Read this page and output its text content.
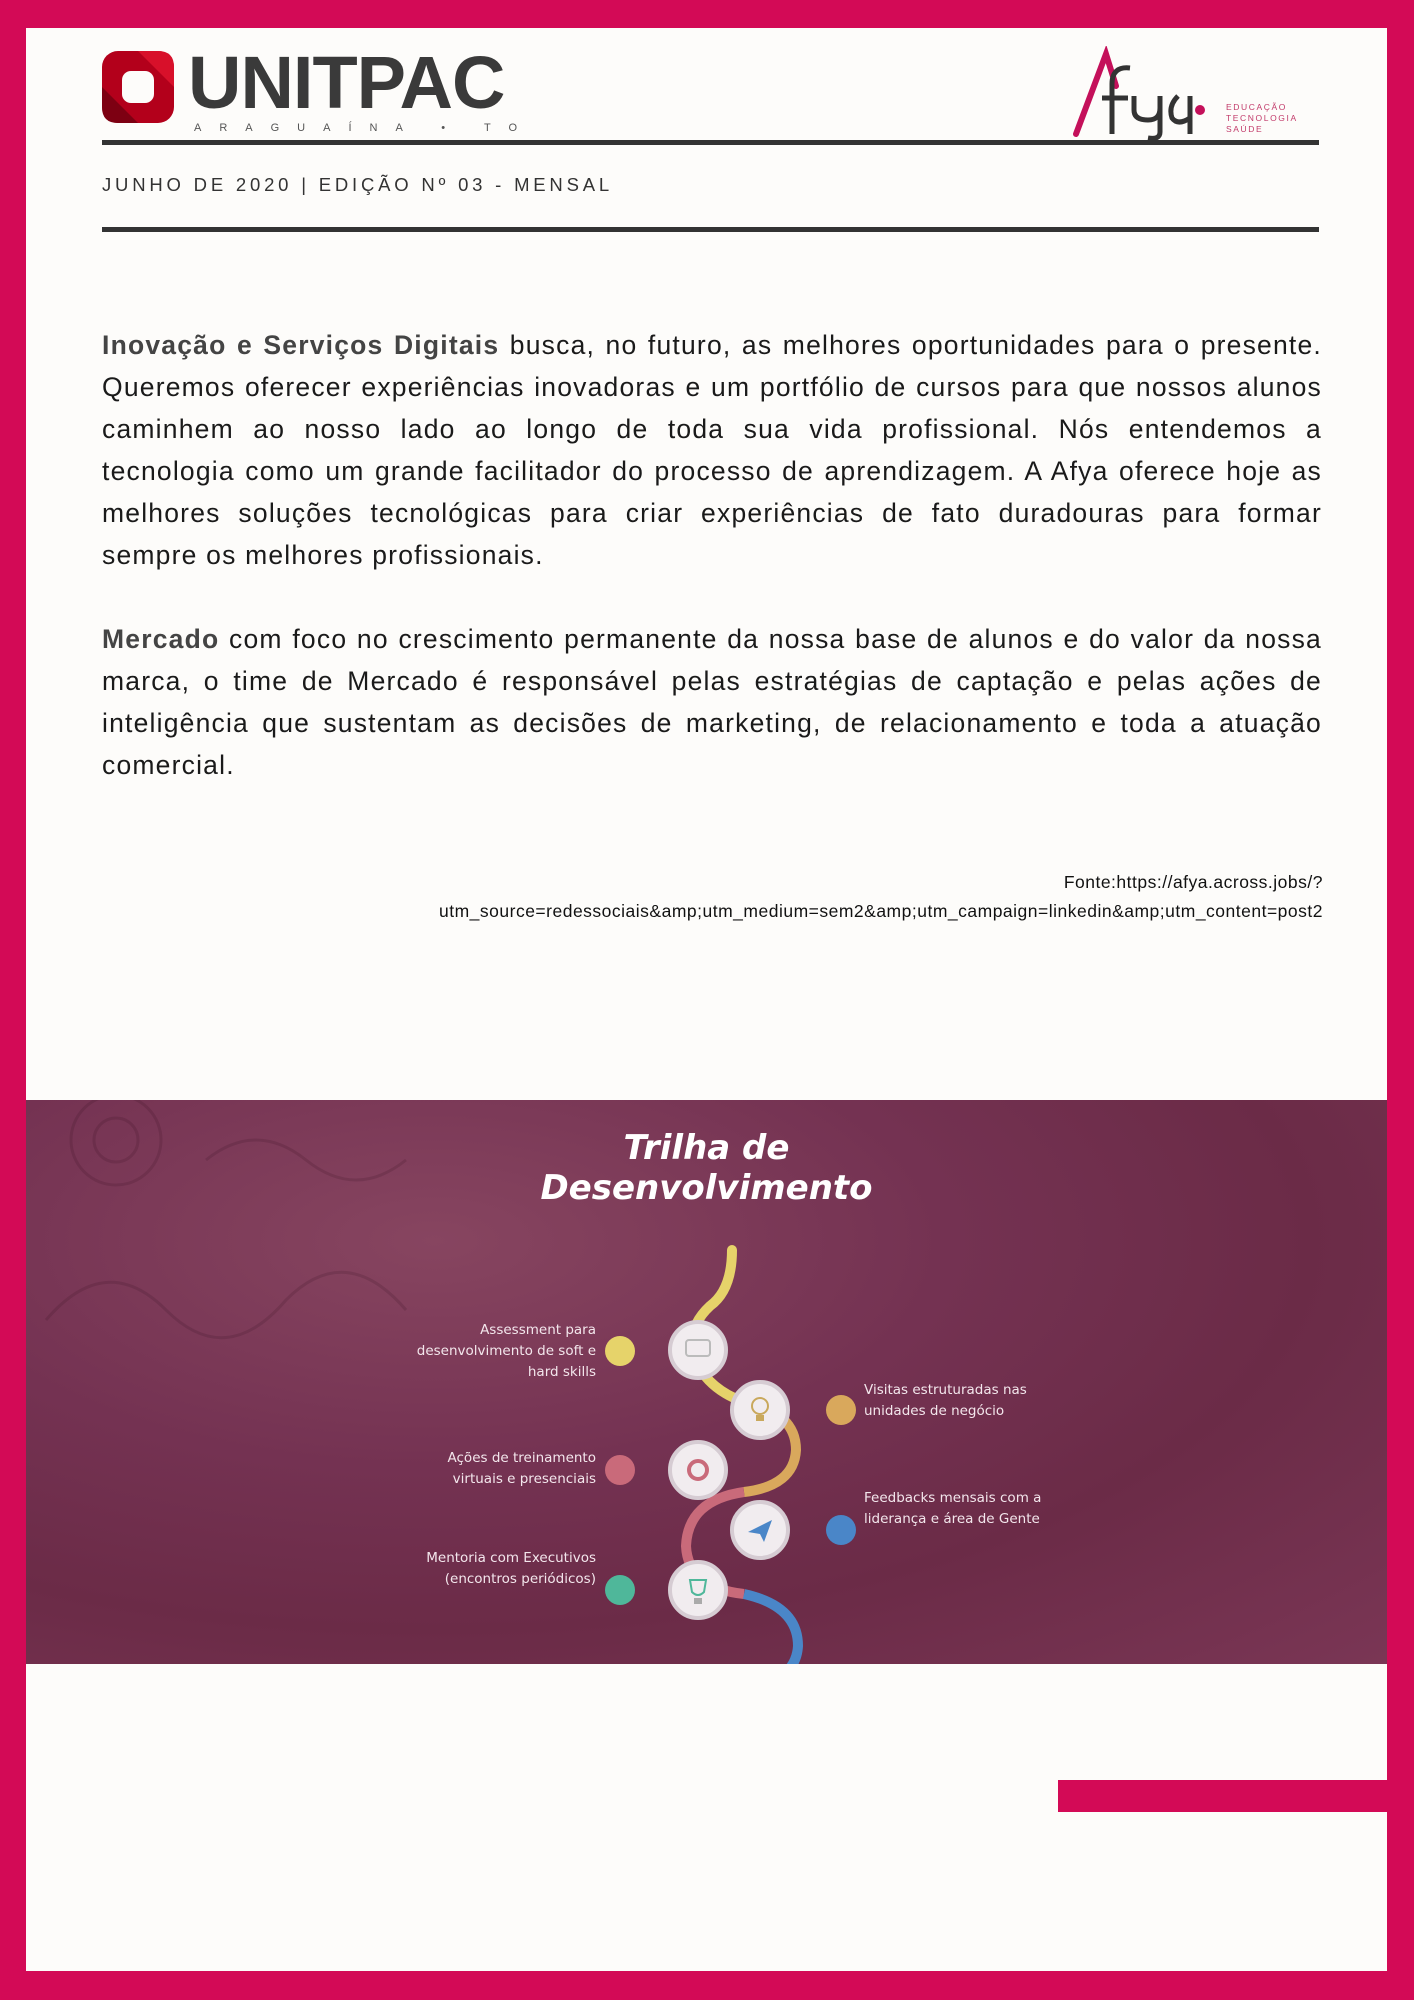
UNITPAC
ARAGUAÍNA • TO
EDUCAÇÃO
TECNOLOGIA
SAÚDE
JUNHO DE 2020 | EDIÇÃO Nº 03 - MENSAL
Inovação e Serviços Digitais busca, no futuro, as melhores oportunidades para o presente. Queremos oferecer experiências inovadoras e um portfólio de cursos para que nossos alunos caminhem ao nosso lado ao longo de toda sua vida profissional. Nós entendemos a tecnologia como um grande facilitador do processo de aprendizagem. A Afya oferece hoje as melhores soluções tecnológicas para criar experiências de fato duradouras para formar sempre os melhores profissionais.
Mercado com foco no crescimento permanente da nossa base de alunos e do valor da nossa marca, o time de Mercado é responsável pelas estratégias de captação e pelas ações de inteligência que sustentam as decisões de marketing, de relacionamento e toda a atuação comercial.
Fonte:https://afya.across.jobs/?
utm_source=redessociais&amp;utm_medium=sem2&amp;utm_campaign=linkedin&amp;utm_content=post2
Trilha de
Desenvolvimento
Assessment para desenvolvimento de soft e hard skills
Visitas estruturadas nas unidades de negócio
Ações de treinamento virtuais e presenciais
Feedbacks mensais com a liderança e área de Gente
Mentoria com Executivos (encontros periódicos)
